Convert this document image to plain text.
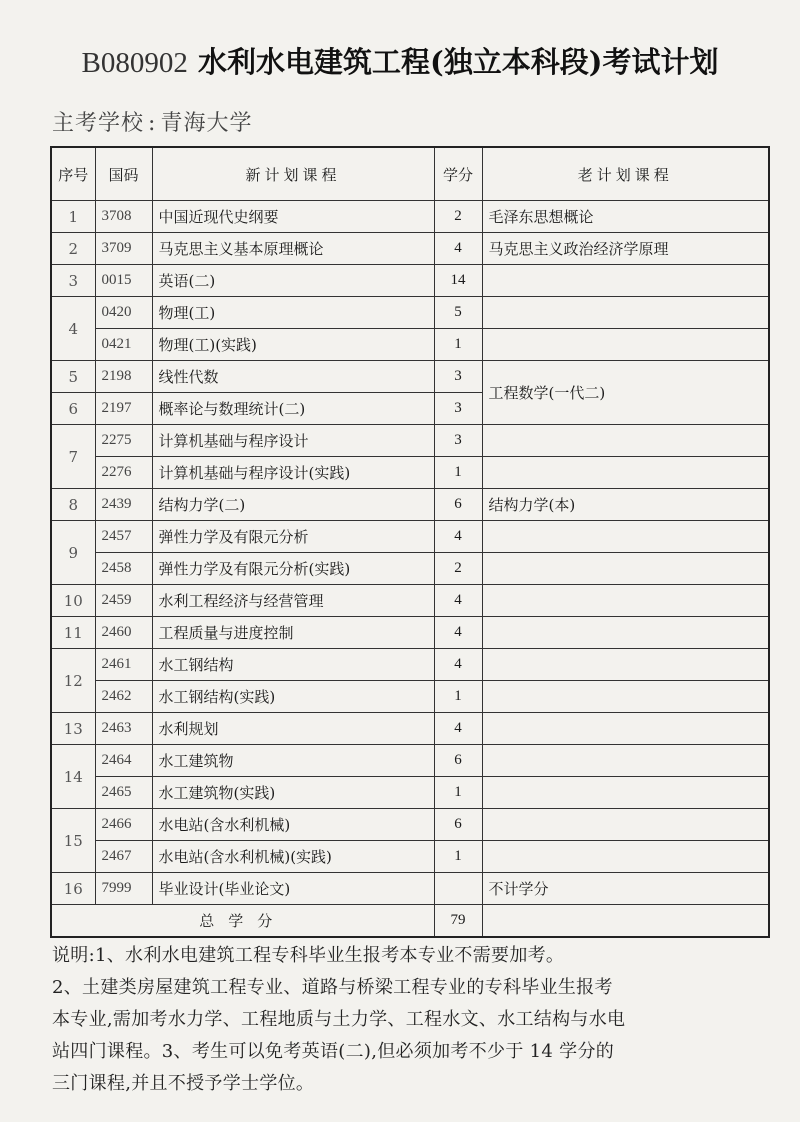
B080902 水利水电建筑工程(独立本科段)考试计划
主考学校 : 青海大学
序号	国码	新计划课程	学分	老计划课程
1	3708	中国近现代史纲要	2	毛泽东思想概论
2	3709	马克思主义基本原理概论	4	马克思主义政治经济学原理
3	0015	英语(二)	14	
4	0420	物理(工)	5	
	0421	物理(工)(实践)	1	
5	2198	线性代数	3	工程数学(一代二)
6	2197	概率论与数理统计(二)	3	
7	2275	计算机基础与程序设计	3	
	2276	计算机基础与程序设计(实践)	1	
8	2439	结构力学(二)	6	结构力学(本)
9	2457	弹性力学及有限元分析	4	
	2458	弹性力学及有限元分析(实践)	2	
10	2459	水利工程经济与经营管理	4	
11	2460	工程质量与进度控制	4	
12	2461	水工钢结构	4	
	2462	水工钢结构(实践)	1	
13	2463	水利规划	4	
14	2464	水工建筑物	6	
	2465	水工建筑物(实践)	1	
15	2466	水电站(含水利机械)	6	
	2467	水电站(含水利机械)(实践)	1	
16	7999	毕业设计(毕业论文)		不计学分
总学分			79	
说明:1、水利水电建筑工程专科毕业生报考本专业不需要加考。
2、土建类房屋建筑工程专业、道路与桥梁工程专业的专科毕业生报考
本专业,需加考水力学、工程地质与土力学、工程水文、水工结构与水电
站四门课程。3、考生可以免考英语(二),但必须加考不少于 14 学分的
三门课程,并且不授予学士学位。
